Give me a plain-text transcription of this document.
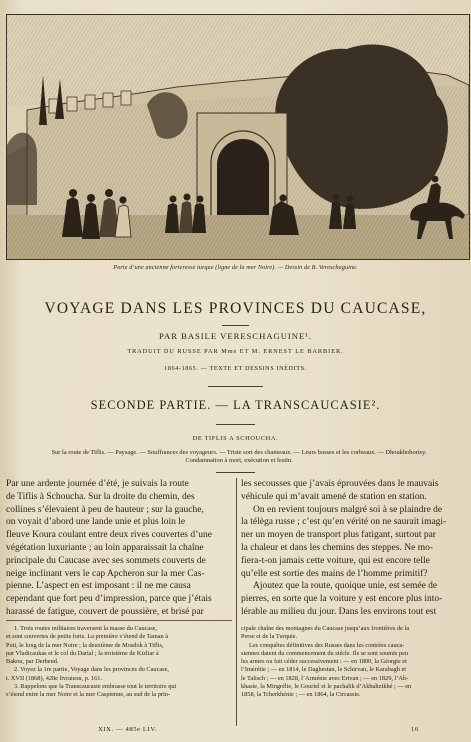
Porte d’une ancienne forteresse turque (ligne de la mer Noire). — Dessin de B. Vereschaguine.
VOYAGE DANS LES PROVINCES DU CAUCASE,
PAR BASILE VERESCHAGUINE¹.
TRADUIT DU RUSSE PAR Mme ET M. ERNEST LE BARBIER.
1864-1865. — TEXTE ET DESSINS INÉDITS.
SECONDE PARTIE. — LA TRANSCAUCASIE².
DE TIFLIS A SCHOUCHA.
Sur la route de Tiflis. — Paysage. — Souffrances des voyageurs. — Triste sort des chameaux. — Leurs bosses et les corbeaux. — Dhoukhobortsy.
Condamnation à mort, exécution et festin.
Par une ardente journée d’été, je suivais la route
de Tiflis à Schoucha. Sur la droite du chemin, des
collines s’élevaient à peu de hauteur ; sur la gauche,
on voyait d’abord une lande unie et plus loin le
fleuve Koura coulant entre deux rives couvertes d’une
végétation luxuriante ; au loin apparaissait la chaîne
principale du Caucase avec ses sommets couverts de
neige inclinant vers le cap Apcheron sur la mer Cas-
pienne. L’aspect en est imposant : il ne me causa
cependant que fort peu d’impression, parce que j’étais
harassé de fatigue, couvert de poussière, et brisé par
les secousses que j’avais éprouvées dans le mauvais
véhicule qui m’avait amené de station en station.
On en revient toujours malgré soi à se plaindre de
la télèga russe ; c’est qu’en vérité on ne saurait imagi-
ner un moyen de transport plus fatigant, surtout par
la chaleur et dans les chemins des steppes. Ne mo-
fiera-t-on jamais cette voiture, qui est encore telle
qu’elle est sortie des mains de l’homme primitif?
Ajoutez que la route, quoique unie, est semée de
pierres, en sorte que la voiture y est encore plus into-
lérable au milieu du jour. Dans les environs tout est
1. Trois routes militaires traversent la masse du Caucase,
et sont couvertes de petits forts. La première s’étend de Taman à
Poti, le long de la mer Noire ; la deuxième de Mosdok à Tiflis,
par Vladicaukas et le col du Darial ; la troisième de Kizliar à
Bakou, par Derbend.
2. Voyez la 1re partie, Voyage dans les provinces du Caucase,
t. XVII (1868), 428e livraison, p. 161.
3. Rappelons que la Transcaucasie embrasse tout le territoire qui
s’étend entre la mer Noire et la mer Caspienne, au sud de la prin-
cipale chaîne des montagnes du Caucase jusqu’aux frontières de la
Perse et de la Turquie.
Les conquêtes définitives des Russes dans les contrées cauca-
siennes datent du commencement du siècle. Ils se sont soumis peu
les armes ou fait céder successivement : — en 1800, la Géorgie et
l’Imérétie ; — en 1814, le Daghestan, le Schirvan, le Karabagh et
le Talisch ; — en 1828, l’Arménie avec Erivan ; — en 1829, l’Ab-
khasie, la Mingrélie, le Gouriel et le pachalik d’Akhaltzikhé ; — en
1858, la Tcherkhénie ; — en 1864, la Circassie.
XIX. — 485e LIV.	16
